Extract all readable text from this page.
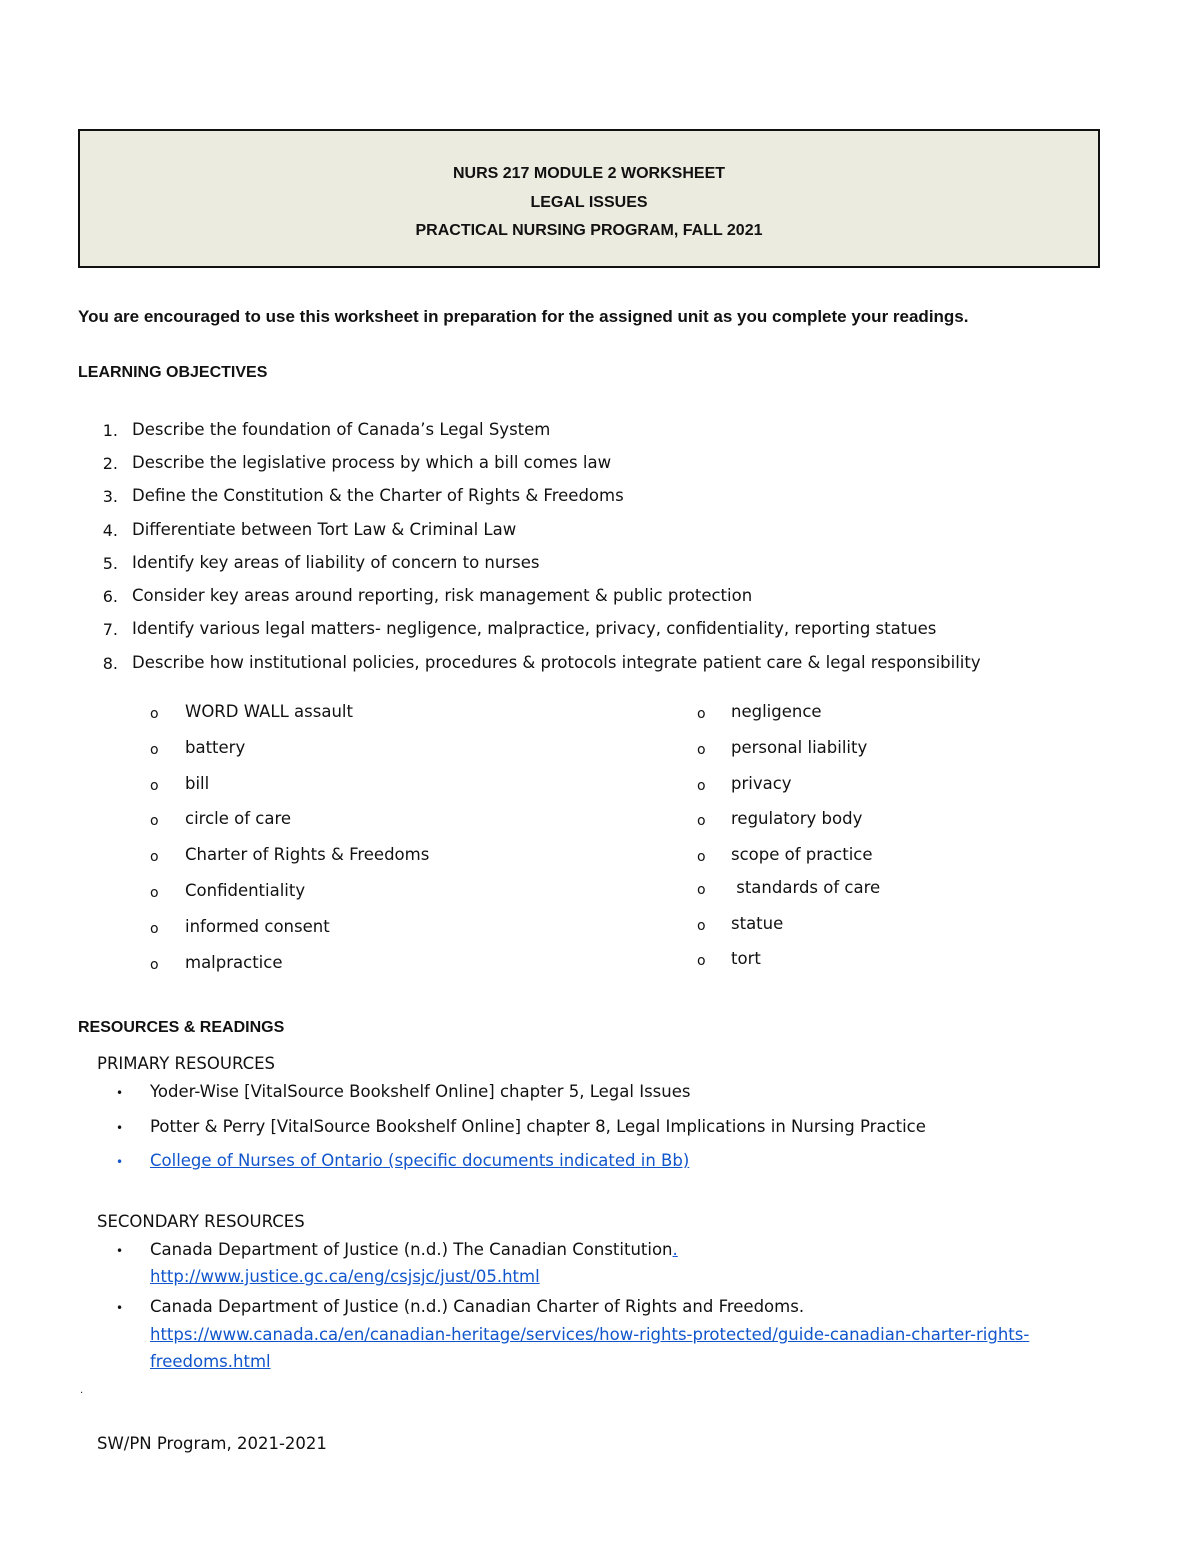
NURS 217 MODULE 2 WORKSHEET
LEGAL ISSUES
PRACTICAL NURSING PROGRAM, FALL 2021
You are encouraged to use this worksheet in preparation for the assigned unit as you complete your readings.
LEARNING OBJECTIVES
1. Describe the foundation of Canada’s Legal System
2. Describe the legislative process by which a bill comes law
3. Define the Constitution & the Charter of Rights & Freedoms
4. Differentiate between Tort Law & Criminal Law
5. Identify key areas of liability of concern to nurses
6. Consider key areas around reporting, risk management & public protection
7. Identify various legal matters- negligence, malpractice, privacy, confidentiality, reporting statues
8. Describe how institutional policies, procedures & protocols integrate patient care & legal responsibility
o WORD WALL assault
o battery
o bill
o circle of care
o Charter of Rights & Freedoms
o Confidentiality
o informed consent
o malpractice
o negligence
o personal liability
o privacy
o regulatory body
o scope of practice
o standards of care
o statue
o tort
RESOURCES & READINGS
PRIMARY RESOURCES
• Yoder-Wise [VitalSource Bookshelf Online] chapter 5, Legal Issues
• Potter & Perry [VitalSource Bookshelf Online] chapter 8, Legal Implications in Nursing Practice
• College of Nurses of Ontario (specific documents indicated in Bb)
SECONDARY RESOURCES
• Canada Department of Justice (n.d.) The Canadian Constitution.
http://www.justice.gc.ca/eng/csjsjc/just/05.html
• Canada Department of Justice (n.d.) Canadian Charter of Rights and Freedoms.
https://www.canada.ca/en/canadian-heritage/services/how-rights-protected/guide-canadian-charter-rights-
freedoms.html
.
SW/PN Program, 2021-2021
